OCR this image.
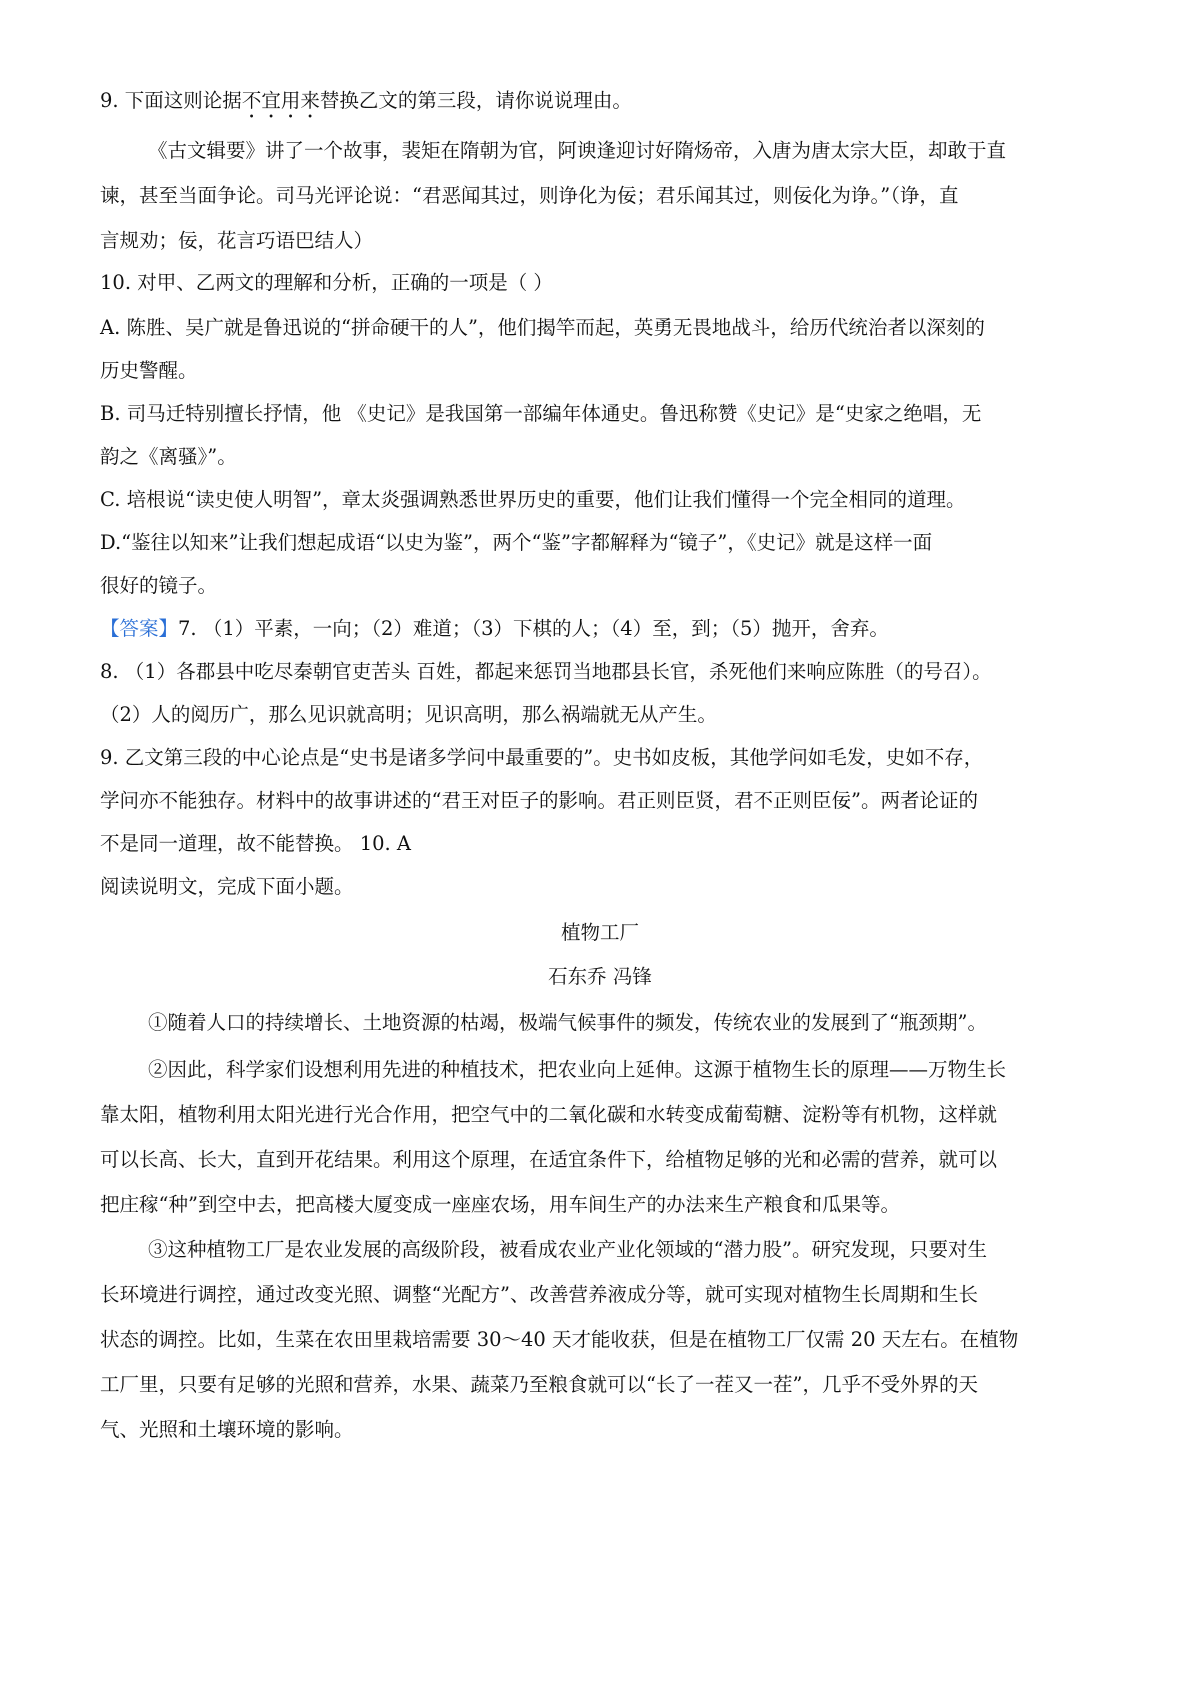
9. 下面这则论据不宜用来替换乙文的第三段，请你说说理由。
《古文辑要》讲了一个故事，裴矩在隋朝为官，阿谀逢迎讨好隋炀帝，入唐为唐太宗大臣，却敢于直
谏，甚至当面争论。司马光评论说：“君恶闻其过，则诤化为佞；君乐闻其过，则佞化为诤。”（诤，直
言规劝；佞，花言巧语巴结人）
10. 对甲、乙两文的理解和分析，正确的一项是（ ）
A. 陈胜、吴广就是鲁迅说的“拼命硬干的人”，他们揭竿而起，英勇无畏地战斗，给历代统治者以深刻的
历史警醒。
B. 司马迁特别擅长抒情，他 《史记》是我国第一部编年体通史。鲁迅称赞《史记》是“史家之绝唱，无
韵之《离骚》”。
C. 培根说“读史使人明智”，章太炎强调熟悉世界历史的重要，他们让我们懂得一个完全相同的道理。
D.“鉴往以知来”让我们想起成语“以史为鉴”，两个“鉴”字都解释为“镜子”，《史记》就是这样一面
很好的镜子。
【答案】7. （1）平素，一向；（2）难道；（3）下棋的人；（4）至，到；（5）抛开，舍弃。
8. （1）各郡县中吃尽秦朝官吏苦头 百姓，都起来惩罚当地郡县长官，杀死他们来响应陈胜（的号召）。
（2）人的阅历广，那么见识就高明；见识高明，那么祸端就无从产生。
9. 乙文第三段的中心论点是“史书是诸多学问中最重要的”。史书如皮板，其他学问如毛发，史如不存，
学问亦不能独存。材料中的故事讲述的“君王对臣子的影响。君正则臣贤，君不正则臣佞”。两者论证的
不是同一道理，故不能替换。 10. A
阅读说明文，完成下面小题。
植物工厂
石东乔 冯锋
①随着人口的持续增长、土地资源的枯竭，极端气候事件的频发，传统农业的发展到了“瓶颈期”。
②因此，科学家们设想利用先进的种植技术，把农业向上延伸。这源于植物生长的原理——万物生长
靠太阳，植物利用太阳光进行光合作用，把空气中的二氧化碳和水转变成葡萄糖、淀粉等有机物，这样就
可以长高、长大，直到开花结果。利用这个原理，在适宜条件下，给植物足够的光和必需的营养，就可以
把庄稼“种”到空中去，把高楼大厦变成一座座农场，用车间生产的办法来生产粮食和瓜果等。
③这种植物工厂是农业发展的高级阶段，被看成农业产业化领域的“潜力股”。研究发现，只要对生
长环境进行调控，通过改变光照、调整“光配方”、改善营养液成分等，就可实现对植物生长周期和生长
状态的调控。比如，生菜在农田里栽培需要 30～40 天才能收获，但是在植物工厂仅需 20 天左右。在植物
工厂里，只要有足够的光照和营养，水果、蔬菜乃至粮食就可以“长了一茬又一茬”，几乎不受外界的天
气、光照和土壤环境的影响。
